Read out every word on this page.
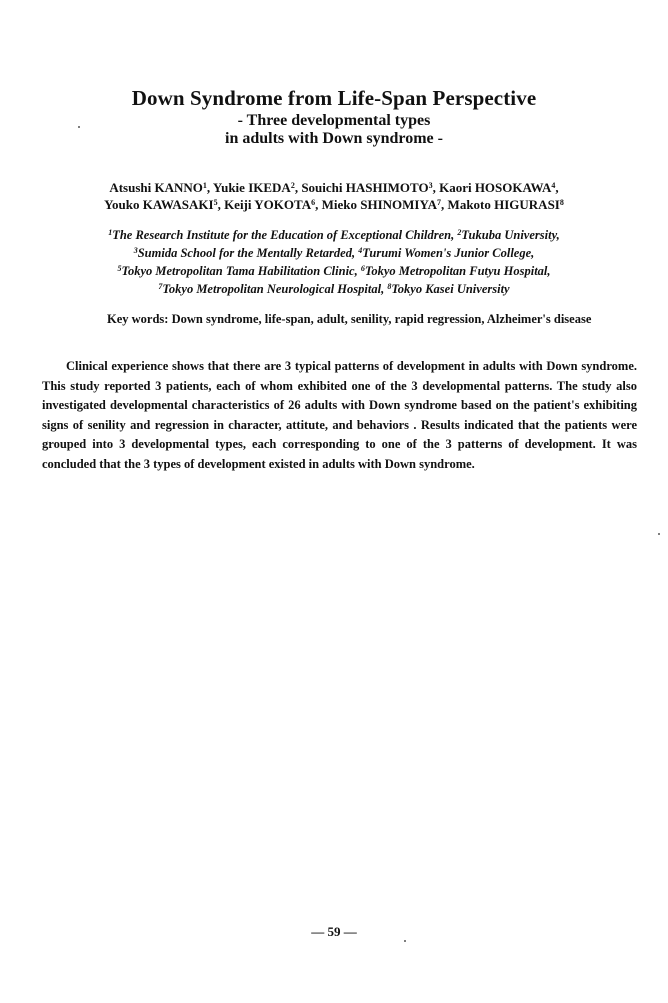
Down Syndrome from Life-Span Perspective
- Three developmental types
in adults with Down syndrome -
Atsushi KANNO$^1$, Yukie IKEDA$^2$, Souichi HASHIMOTO$^3$, Kaori HOSOKAWA$^4$,
Youko KAWASAKI$^5$, Keiji YOKOTA$^6$, Mieko SHINOMIYA$^7$, Makoto HIGURASI$^8$
$^1$The Research Institute for the Education of Exceptional Children, $^2$Tukuba University,
$^3$Sumida School for the Mentally Retarded, $^4$Turumi Women's Junior College,
$^5$Tokyo Metropolitan Tama Habilitation Clinic, $^6$Tokyo Metropolitan Futyu Hospital,
$^7$Tokyo Metropolitan Neurological Hospital, $^8$Tokyo Kasei University
Key words: Down syndrome, life-span, adult, senility, rapid regression, Alzheimer's disease
Clinical experience shows that there are 3 typical patterns of development in adults with Down syndrome. This study reported 3 patients, each of whom exhibited one of the 3 developmental patterns. The study also investigated developmental characteristics of 26 adults with Down syndrome based on the patient's exhibiting signs of senility and regression in character, attitute, and behaviors . Results indicated that the patients were grouped into 3 developmental types, each corresponding to one of the 3 patterns of development. It was concluded that the 3 types of development existed in adults with Down syndrome.
— 59 —
